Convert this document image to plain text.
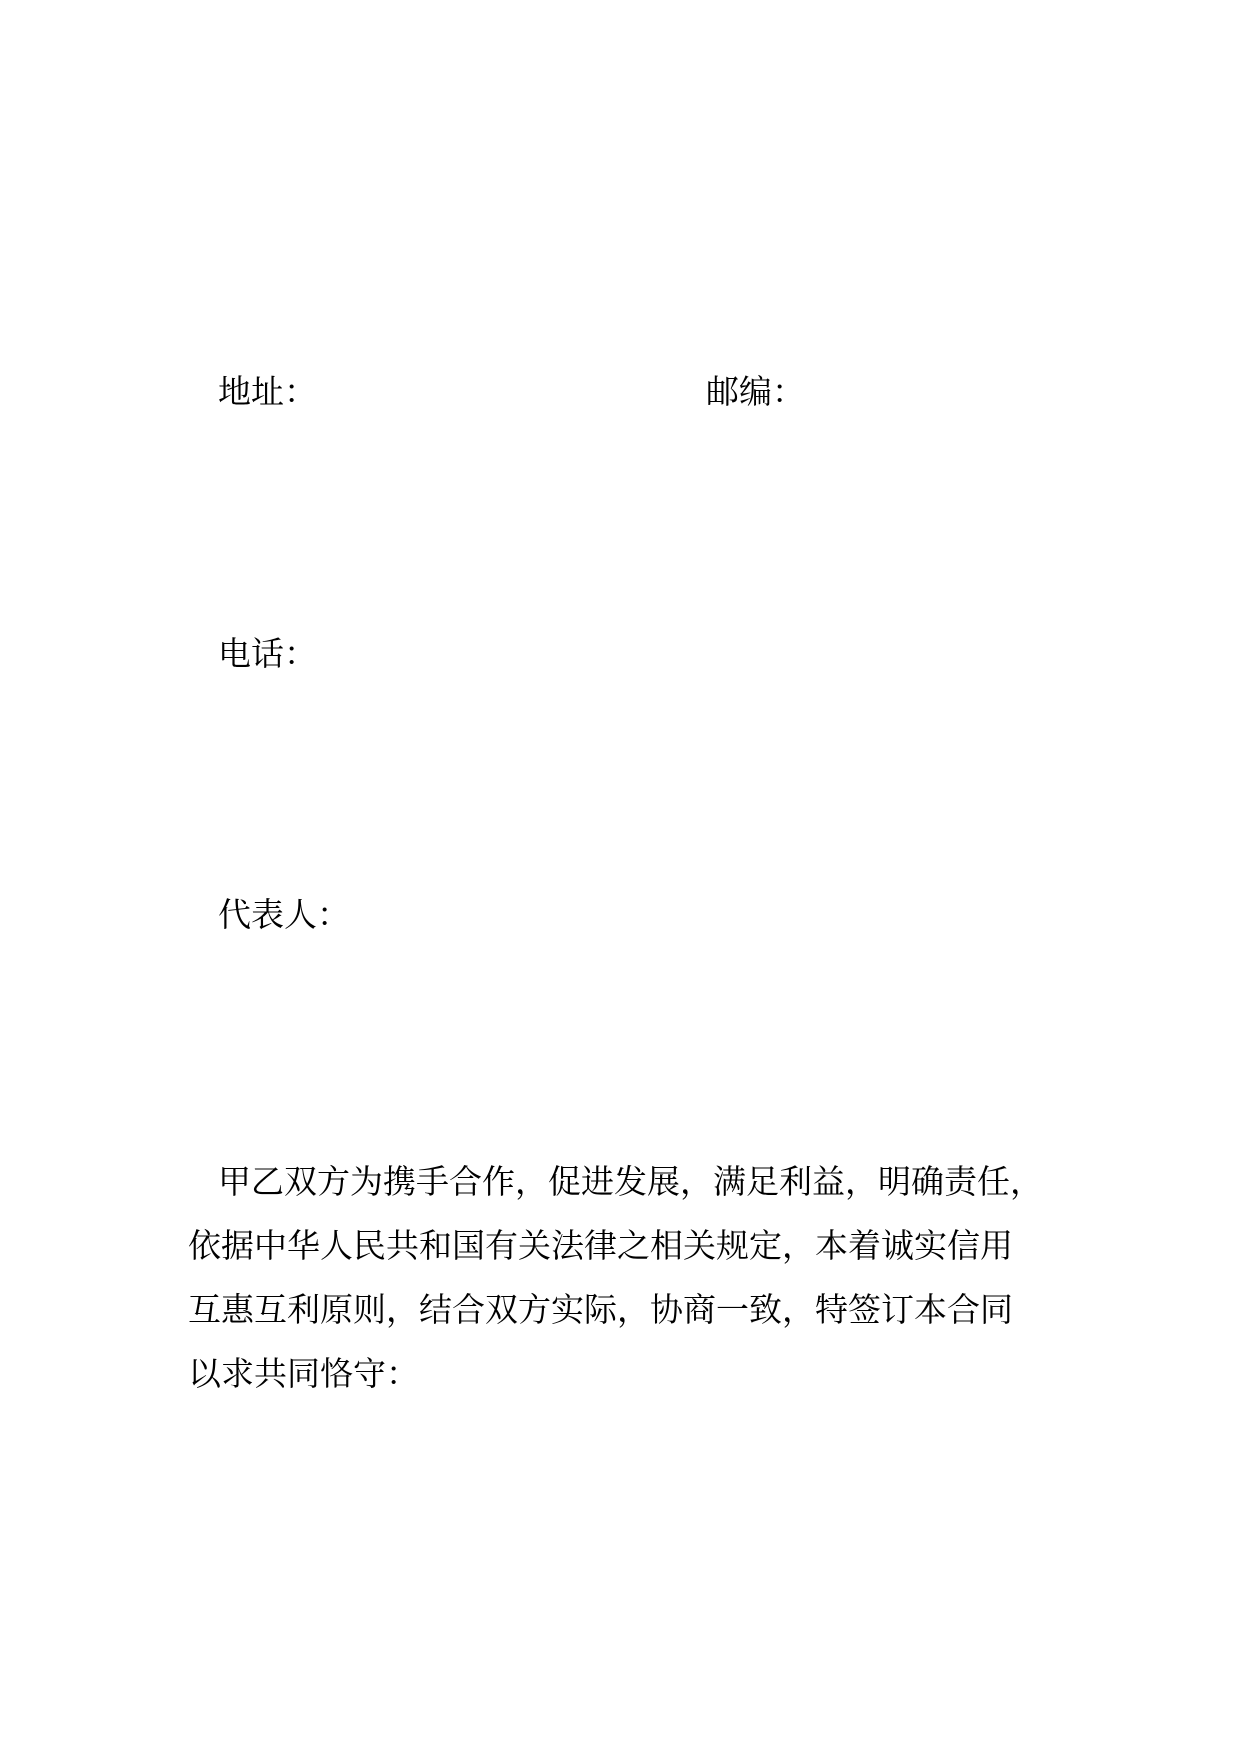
地址：	邮编：
电话：
代表人：
甲乙双方为携手合作，促进发展，满足利益，明确责任，
依据中华人民共和国有关法律之相关规定，本着诚实信用
互惠互利原则，结合双方实际，协商一致，特签订本合同
以求共同恪守：
